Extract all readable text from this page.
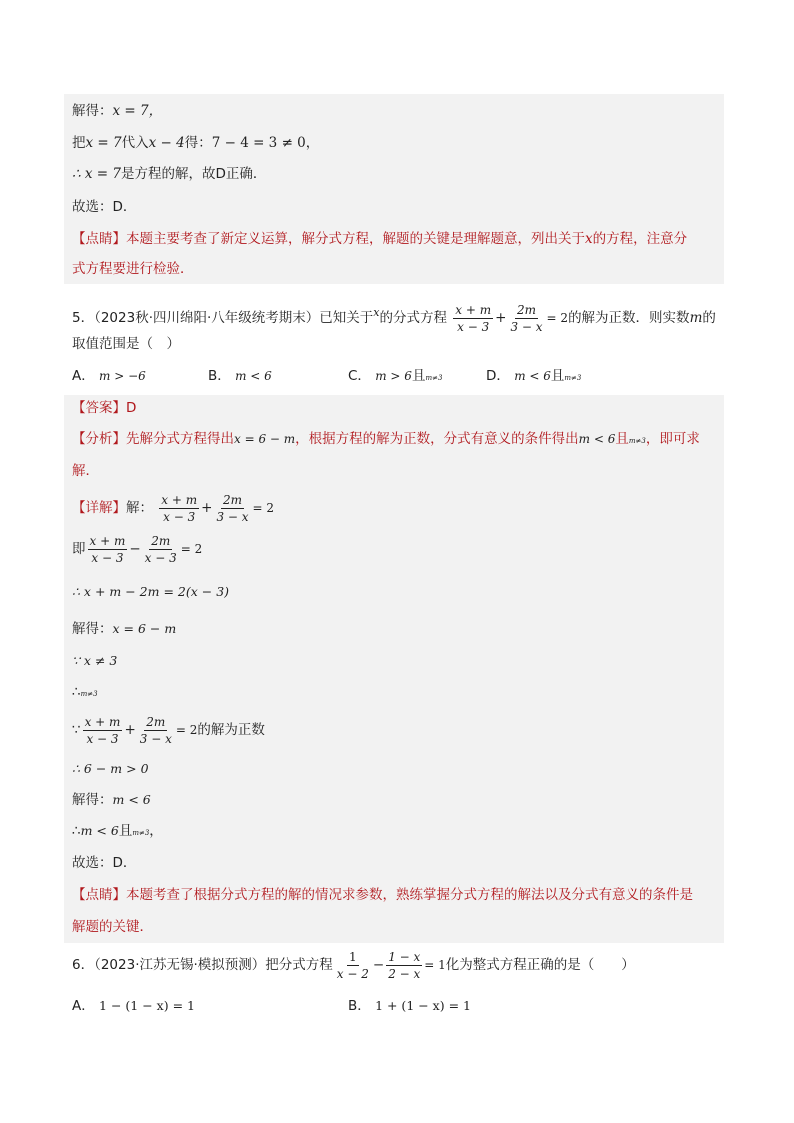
解得：x = 7，
把x = 7代入x − 4得：7 − 4 = 3 ≠ 0，
∴ x = 7是方程的解，故D正确．
故选：D．
【点睛】本题主要考查了新定义运算，解分式方程，解题的关键是理解题意，列出关于x的方程，注意分
式方程要进行检验．
5．（2023秋·四川绵阳·八年级统考期末）已知关于$^x$的分式方程 $\frac{x + m}{x - 3} + \frac{2m}{3 - x} = 2$的解为正数．则实数m的
取值范围是（　）
A． m > −6	B． m < 6	C． m > 6且m≠3	D． m < 6且m≠3
【答案】D
【分析】先解分式方程得出x = 6 − m，根据方程的解为正数，分式有意义的条件得出m < 6且m≠3，即可求
解．
【详解】解： $\frac{x + m}{x - 3} + \frac{2m}{3 - x} = 2$
即 $\frac{x + m}{x - 3} - \frac{2m}{x - 3} = 2$
∴ x + m − 2m = 2(x − 3)
解得：x = 6 − m
∵ x ≠ 3
∴m≠3
∵ $\frac{x + m}{x - 3} + \frac{2m}{3 - x} = 2$的解为正数
∴ 6 − m > 0
解得：m < 6
∴m < 6且m≠3，
故选：D．
【点睛】本题考查了根据分式方程的解的情况求参数，熟练掌握分式方程的解法以及分式有意义的条件是
解题的关键．
6．（2023·江苏无锡·模拟预测）把分式方程 $\frac{1}{x - 2} - \frac{1 - x}{2 - x} = 1$化为整式方程正确的是（　　）
A． 1 − (1 − x) = 1	B． 1 + (1 − x) = 1
